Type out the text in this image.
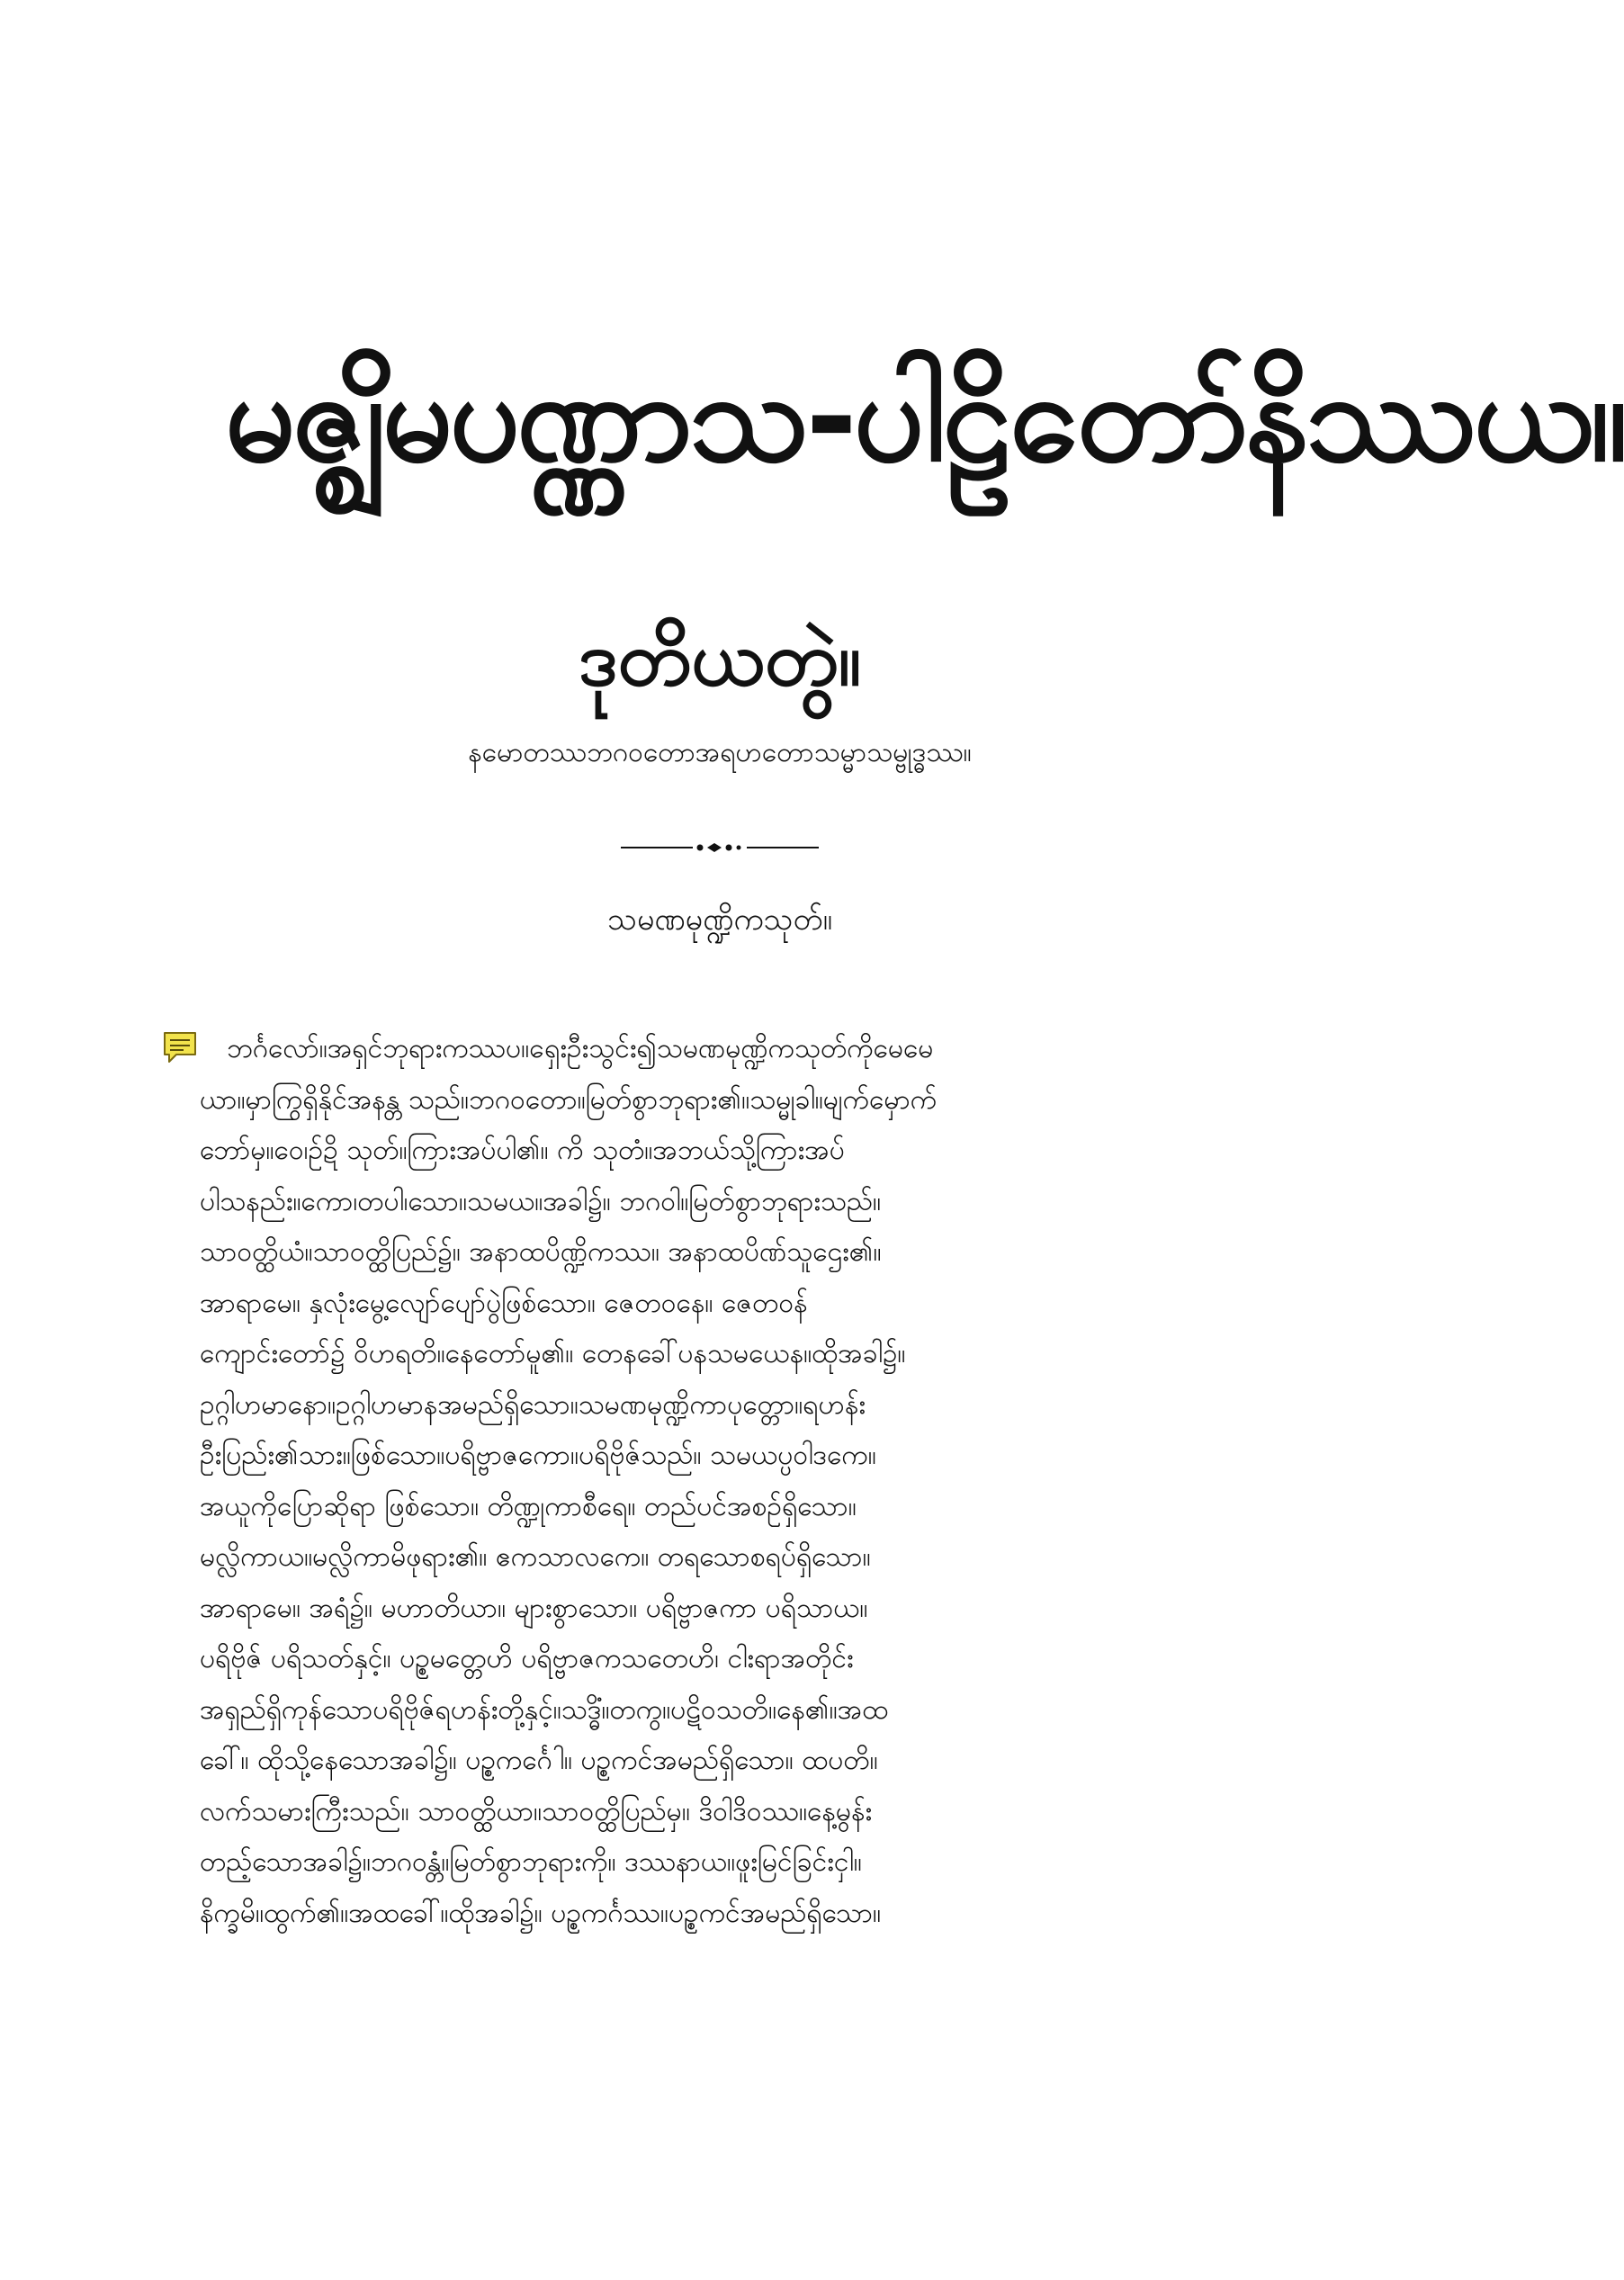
မဇ္ဈိမပဏ္ဏာသ-ပါဠိတော်နိဿယ။
ဒုတိယတွဲ။
နမောတဿဘဂဝတောအရဟတောသမ္မာသမ္ဗုဒ္ဓဿ။
သမဏမုဏ္ဍိကသုတ်။
ဘင်္ဂလော်။အရှင်ဘုရားကဿပ။ရှေးဦးသွင်း၍သမဏမုဏ္ဍိကသုတ်ကိုမေမေ
ယာ။မှာကြွရှိနိုင်အနန္တ သည်။ဘဂဝတော။မြတ်စွာဘုရား၏။သမ္မုခါ။မျက်မှောက်
ဘော်မှ။ဝေ၊ဉ်ဍိ သုတ်။ကြားအပ်ပါ၏။ ကိ သုတံ။အဘယ်သို့ကြားအပ်
ပါသနည်း။ကော၊တပါ၊သော။သမယ။အခါ၌။ ဘဂဝါ။မြတ်စွာဘုရားသည်။
သာဝတ္ထိယံ။သာဝတ္ထိပြည်၌။ အနာထပိဏ္ဍိကဿ။ အနာထပိဏ်သူဌေး၏။
အာရာမေ။ နှလုံးမွေ့လျော်ပျော်ပွဲဖြစ်သော။ ဇေတဝနေ။ ဇေတဝန်
ကျောင်းတော်၌ ဝိဟရတိ။နေတော်မူ၏။ တေနခေါ်ပနသမယေန။ထိုအခါ၌။
ဥဂ္ဂါဟမာနော။ဥဂ္ဂါဟမာနအမည်ရှိသော။သမဏမုဏ္ဍိကာပုတ္တော။ရဟန်း
ဦးပြည်း၏သား။ဖြစ်သော။ပရိဗ္ဗာဇကော။ပရိဗိုဇ်သည်။ သမယပ္ပဝါဒကေ။
အယူကိုပြောဆိုရာ ဖြစ်သော။ တိဏ္ဍုကာစီရေ။ တည်ပင်အစဉ်ရှိသော။
မလ္လိကာယ။မလ္လိကာမိဖုရား၏။ ဧကသာလကေ။ တရသောစရပ်ရှိသော။
အာရာမေ။ အရံ၌။ မဟာတိယာ။ များစွာသော။ ပရိဗ္ဗာဇကာ ပရိသာယ။
ပရိဗိုဇ် ပရိသတ်နှင့်။ ပဉ္စမတ္တေဟိ ပရိဗ္ဗာဇကသတေဟိ၊ ငါးရာအတိုင်း
အရှည်ရှိကုန်သောပရိဗိုဇ်ရဟန်းတို့နှင့်။သဒ္ဓိံ။တကွ။ပဋိဝသတိ။နေ၏။အထ
ခေါ်။ ထိုသို့နေသောအခါ၌။ ပဉ္စကင်္ဂေါ။ ပဉ္စကင်အမည်ရှိသော။ ထပတိ။
လက်သမားကြီးသည်။ သာဝတ္ထိယာ။သာဝတ္ထိပြည်မှ။ ဒိဝါဒိဝဿ။နေ့မွန်း
တည့်သောအခါ၌။ဘဂဝန္တံ။မြတ်စွာဘုရားကို။ ဒဿနာယ။ဖူးမြင်ခြင်းငှါ။
နိက္ခမိ။ထွက်၏။အထခေါ်။ထိုအခါ၌။ ပဉ္စကင်္ဂဿ။ပဉ္စကင်အမည်ရှိသော။
